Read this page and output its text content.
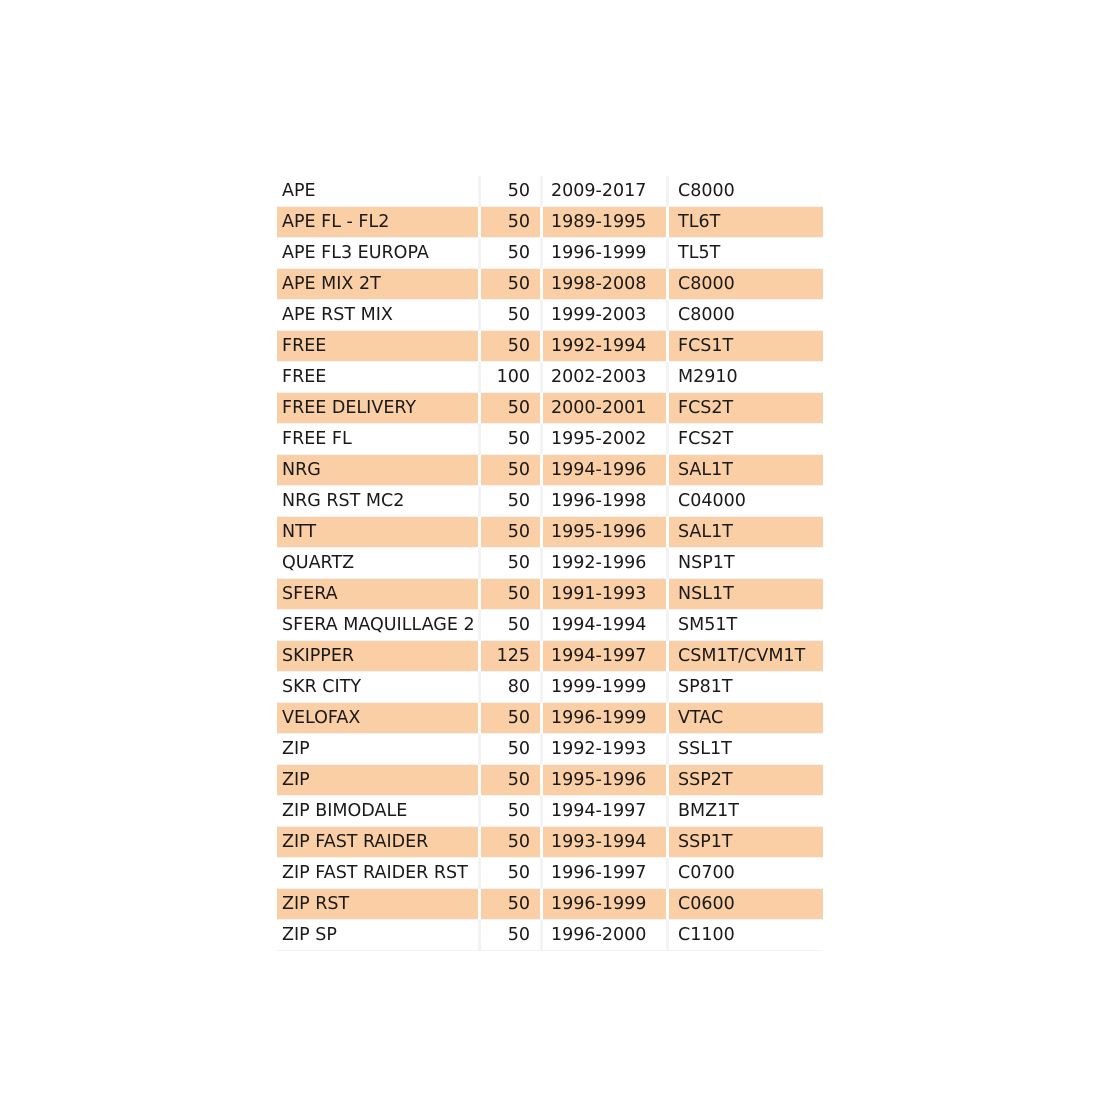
APE	50	2009-2017	C8000
APE FL - FL2	50	1989-1995	TL6T
APE FL3 EUROPA	50	1996-1999	TL5T
APE MIX 2T	50	1998-2008	C8000
APE RST MIX	50	1999-2003	C8000
FREE	50	1992-1994	FCS1T
FREE	100	2002-2003	M2910
FREE DELIVERY	50	2000-2001	FCS2T
FREE FL	50	1995-2002	FCS2T
NRG	50	1994-1996	SAL1T
NRG RST MC2	50	1996-1998	C04000
NTT	50	1995-1996	SAL1T
QUARTZ	50	1992-1996	NSP1T
SFERA	50	1991-1993	NSL1T
SFERA MAQUILLAGE 2	50	1994-1994	SM51T
SKIPPER	125	1994-1997	CSM1T/CVM1T
SKR CITY	80	1999-1999	SP81T
VELOFAX	50	1996-1999	VTAC
ZIP	50	1992-1993	SSL1T
ZIP	50	1995-1996	SSP2T
ZIP BIMODALE	50	1994-1997	BMZ1T
ZIP FAST RAIDER	50	1993-1994	SSP1T
ZIP FAST RAIDER RST	50	1996-1997	C0700
ZIP RST	50	1996-1999	C0600
ZIP SP	50	1996-2000	C1100
